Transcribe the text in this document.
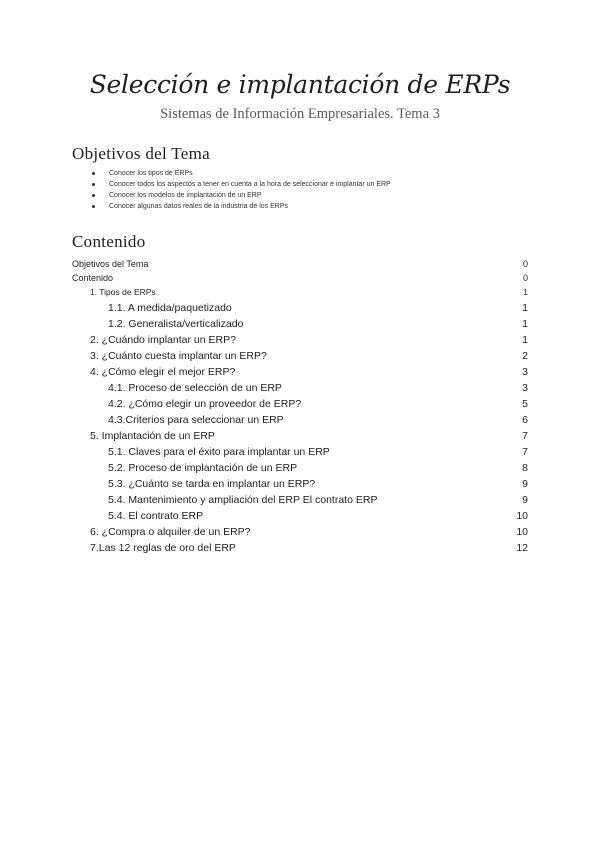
Selección e implantación de ERPs
Sistemas de Información Empresariales. Tema 3
Objetivos del Tema
Conocer los tipos de ERPs
Conocer todos los aspectos a tener en cuenta a la hora de seleccionar e implantar un ERP
Conocer los modelos de implantación de un ERP
Conocer algunas datos reales de la industria de los ERPs
Contenido
Objetivos del Tema	0
Contenido	0
1. Tipos de ERPs	1
1.1. A medida/paquetizado	1
1.2. Generalista/verticalizado	1
2. ¿Cuándo implantar un ERP?	1
3. ¿Cuánto cuesta implantar un ERP?	2
4. ¿Cómo elegir el mejor ERP?	3
4.1. Proceso de selección de un ERP	3
4.2. ¿Cómo elegir un proveedor de ERP?	5
4.3.Criterios para seleccionar un ERP	6
5. Implantación de un ERP	7
5.1. Claves para el éxito para implantar un ERP	7
5.2. Proceso de implantación de un ERP	8
5.3. ¿Cuánto se tarda en implantar un ERP?	9
5.4. Mantenimiento y ampliación del ERP El contrato ERP	9
5.4. El contrato ERP	10
6. ¿Compra o alquiler de un ERP?	10
7.Las 12 reglas de oro del ERP	12
